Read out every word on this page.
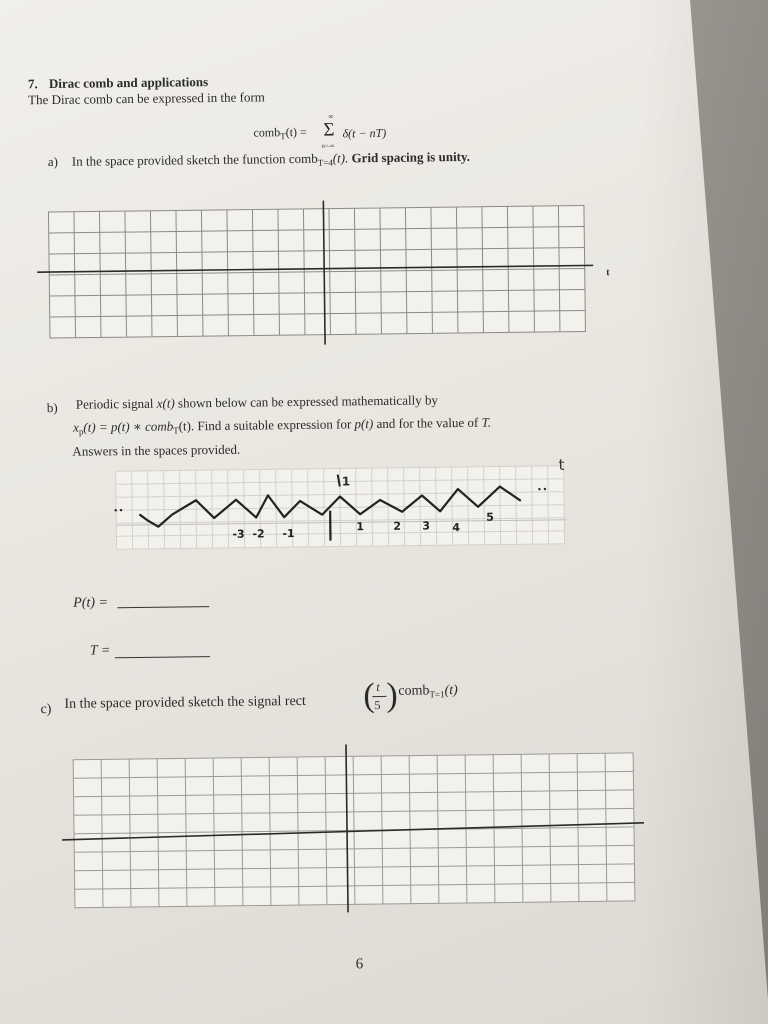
7. Dirac comb and applications
The Dirac comb can be expressed in the form
comb$_T$(t) = Σ
∞
n=-∞
δ(t − nT)
a) In the space provided sketch the function comb$_{T=4}$(t). Grid spacing is unity.
t
b) Periodic signal x(t) shown below can be expressed mathematically by
$x_p(t) = p(t)$ ∗ comb$_T$(t). Find a suitable expression for p(t) and for the value of T.
Answers in the spaces provided.
• •
• •
t
1
-3 -2 -1
1	2 3 4
5
P(t) =
T =
c) In the space provided sketch the signal rect ( t
5 ) comb$_{T=1}$(t)
6
